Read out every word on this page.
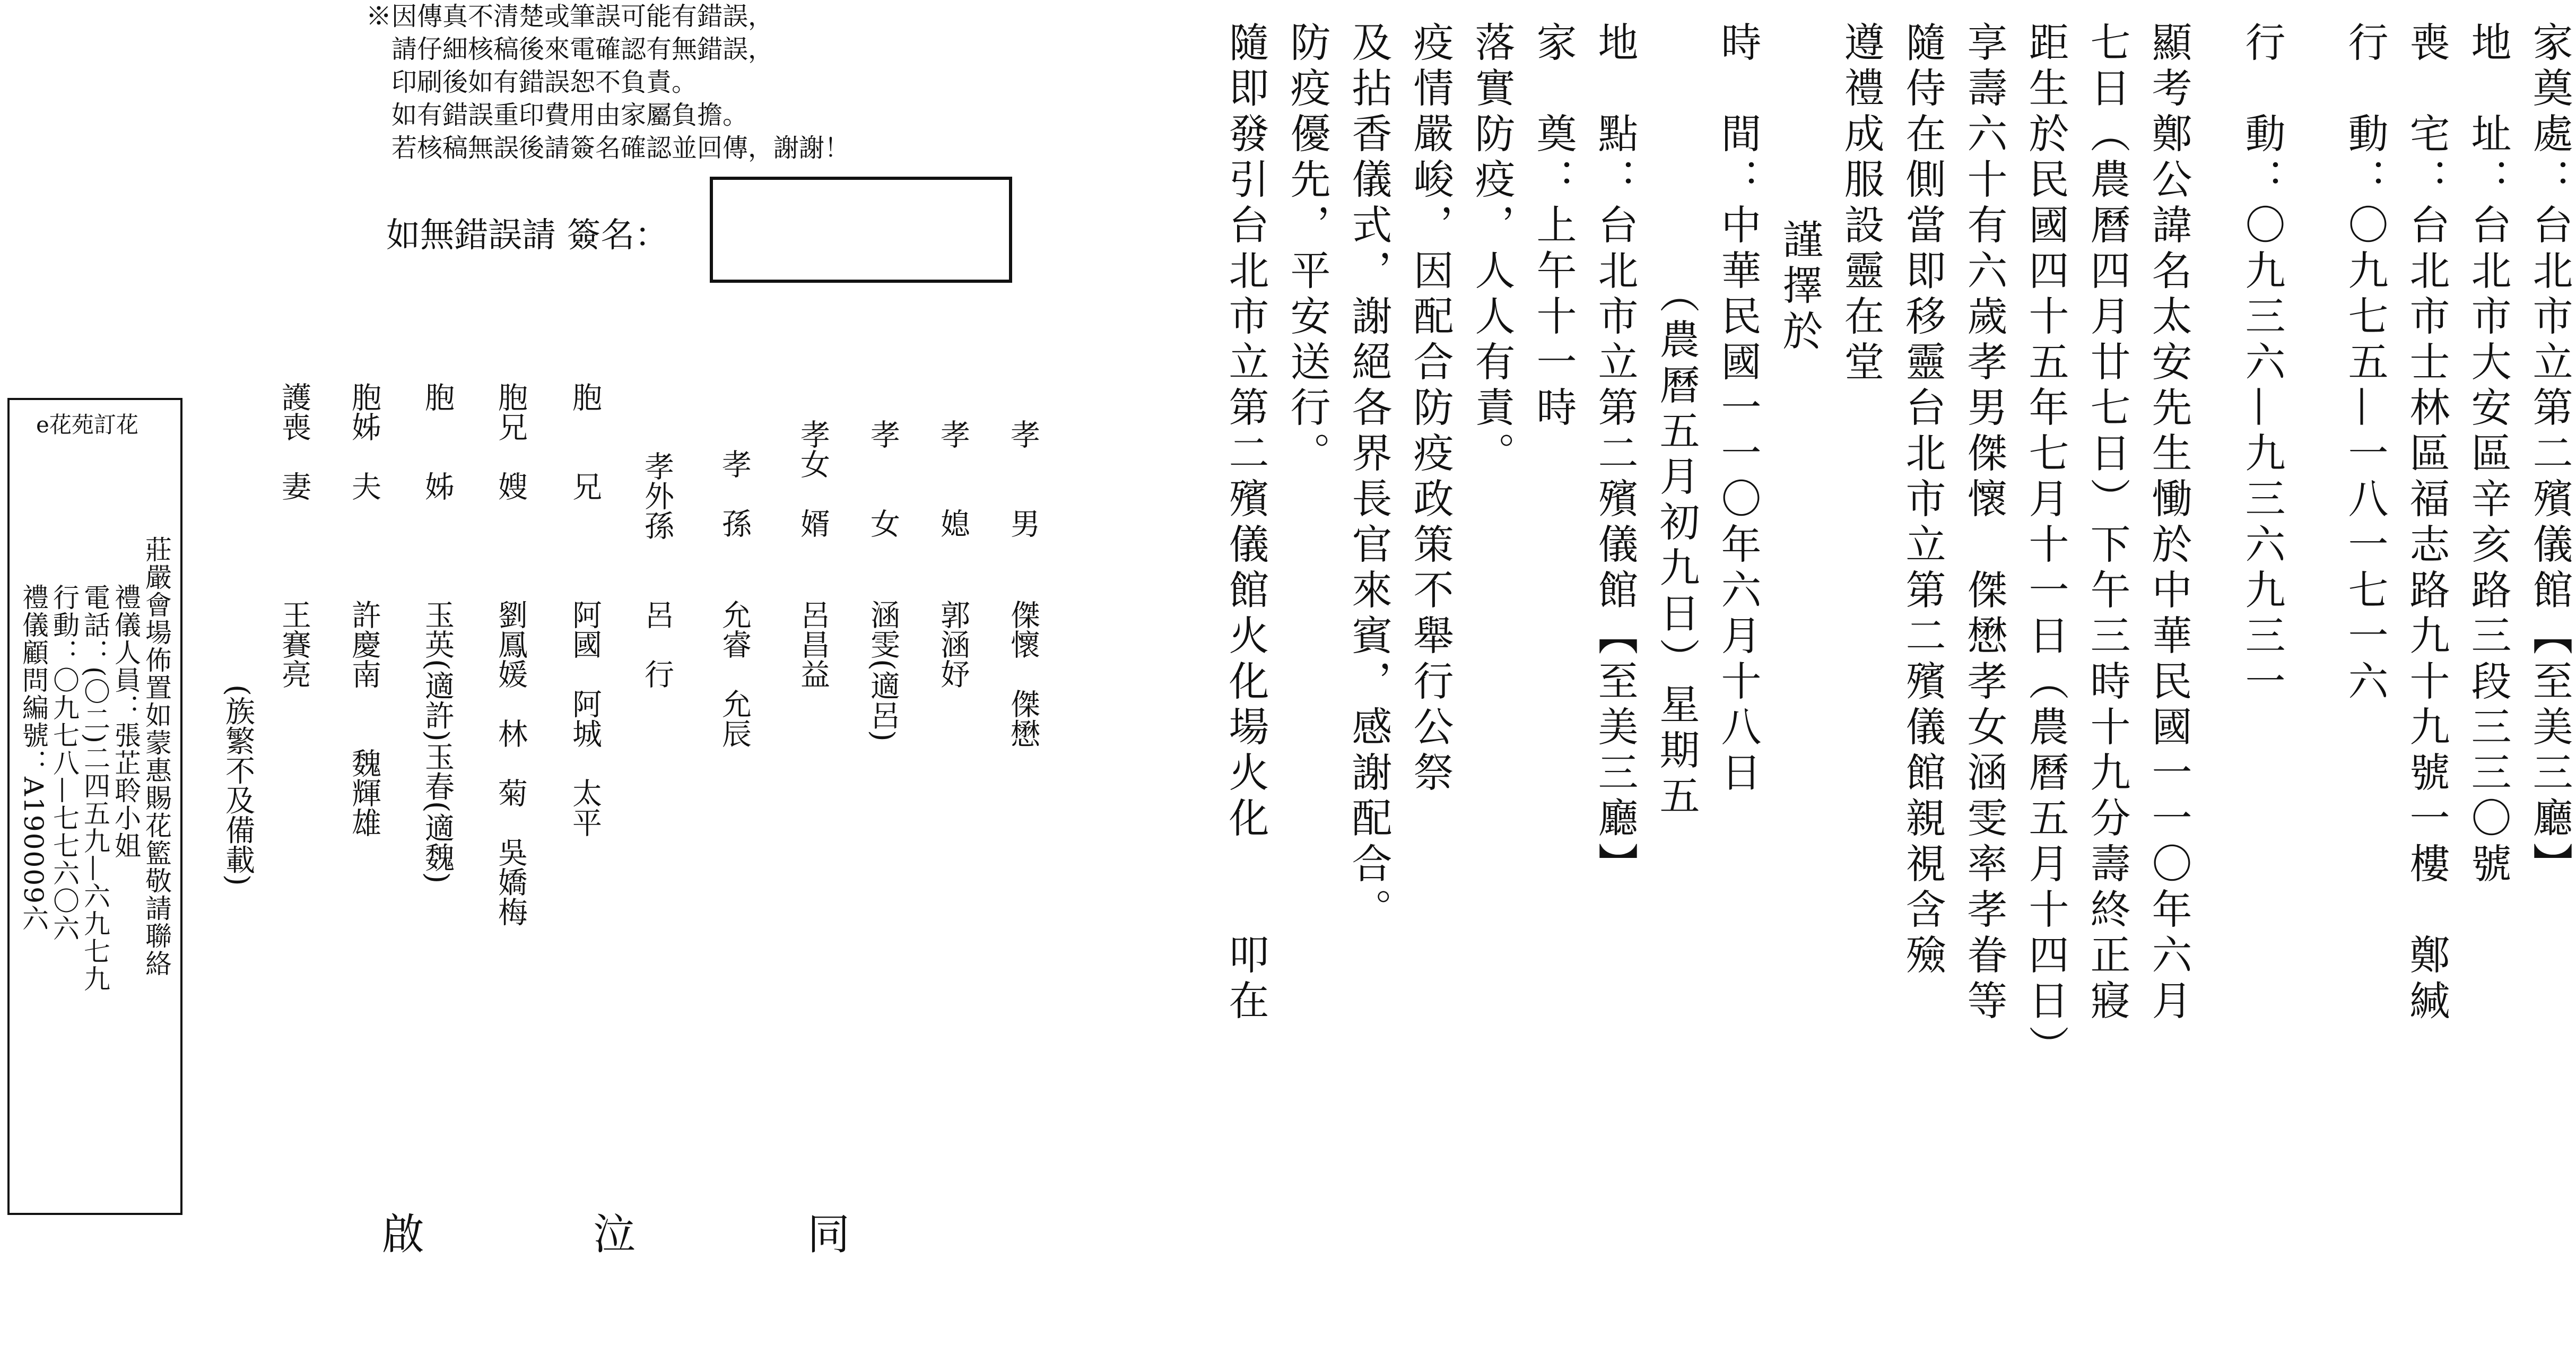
※因傳真不清楚或筆誤可能有錯誤，
請仔細核稿後來電確認有無錯誤，
印刷後如有錯誤恕不負責。
如有錯誤重印費用由家屬負擔。
若核稿無誤後請簽名確認並回傳，謝謝！
如無錯誤請 簽名：	家奠處：台北市立第二殯儀館【至美三廳】
地　址：台北市大安區辛亥路三段三三〇號
喪　宅：台北市士林區福志路九十九號一樓　鄭緘
行　動：〇九七五—一八一七一六
行　動：〇九三六—九三六九三一
顯考鄭公諱名太安先生慟於中華民國一一〇年六月
七日（農曆四月廿七日）下午三時十九分壽終正寢
距生於民國四十五年七月十一日（農曆五月十四日）
享壽六十有六歲孝男傑懷　傑懋孝女涵雯率孝眷等
隨侍在側當即移靈台北市立第二殯儀館親視含殮
遵禮成服設靈在堂
　　謹擇於
時　間：中華民國一一〇年六月十八日
　　（農曆五月初九日）星期五
地　點：台北市立第二殯儀館【至美三廳】
家　奠：上午十一時
落實防疫，人人有責。
疫情嚴峻，因配合防疫政策不舉行公祭
及拈香儀式，謝絕各界長官來賓，感謝配合。
防疫優先，平安送行。
隨即發引台北市立第二殯儀館火化場火化　　叩在
孝　　男
傑懷　傑懋
孝　　媳
郭涵妤
孝　　女
涵雯(適呂)
孝女　婿
呂昌益
　孝　孫
允睿　允辰
孝外孫
呂　行
胞　　兄
阿國　阿城　太平
胞兄　嫂
劉鳳媛　林　菊　吳嬌梅
胞　　姊
玉英(適許)玉春(適魏)
胞姊　夫
許慶南　　魏輝雄
護喪　妻
王賽亮
(族繁不及備載)
e花苑訂花
莊嚴會場佈置如蒙惠賜花籃敬請聯絡
禮儀人員：張芷聆小姐
電話：(〇二)二四五九—六九七九
行動：〇九七八—七七六〇六
禮儀顧問編號：A190009六
同
泣
啟
